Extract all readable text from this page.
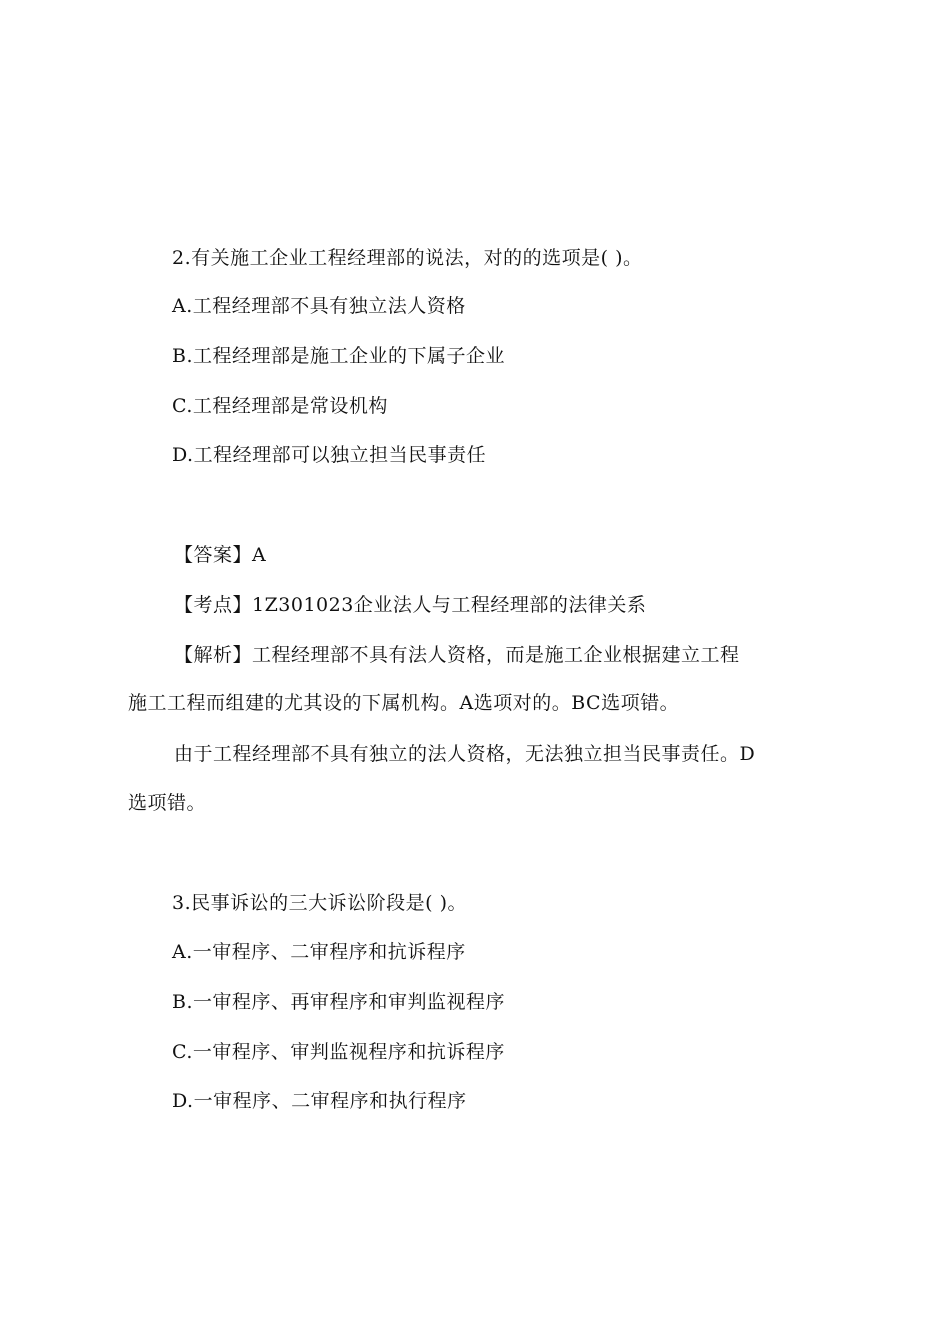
2.有关施工企业工程经理部的说法，对的的选项是( )。
A.工程经理部不具有独立法人资格
B.工程经理部是施工企业的下属子企业
C.工程经理部是常设机构
D.工程经理部可以独立担当民事责任
【答案】A
【考点】1Z301023企业法人与工程经理部的法律关系
【解析】工程经理部不具有法人资格，而是施工企业根据建立工程
施工工程而组建的尤其设的下属机构。A选项对的。BC选项错。
由于工程经理部不具有独立的法人资格，无法独立担当民事责任。D
选项错。
3.民事诉讼的三大诉讼阶段是( )。
A.一审程序、二审程序和抗诉程序
B.一审程序、再审程序和审判监视程序
C.一审程序、审判监视程序和抗诉程序
D.一审程序、二审程序和执行程序
